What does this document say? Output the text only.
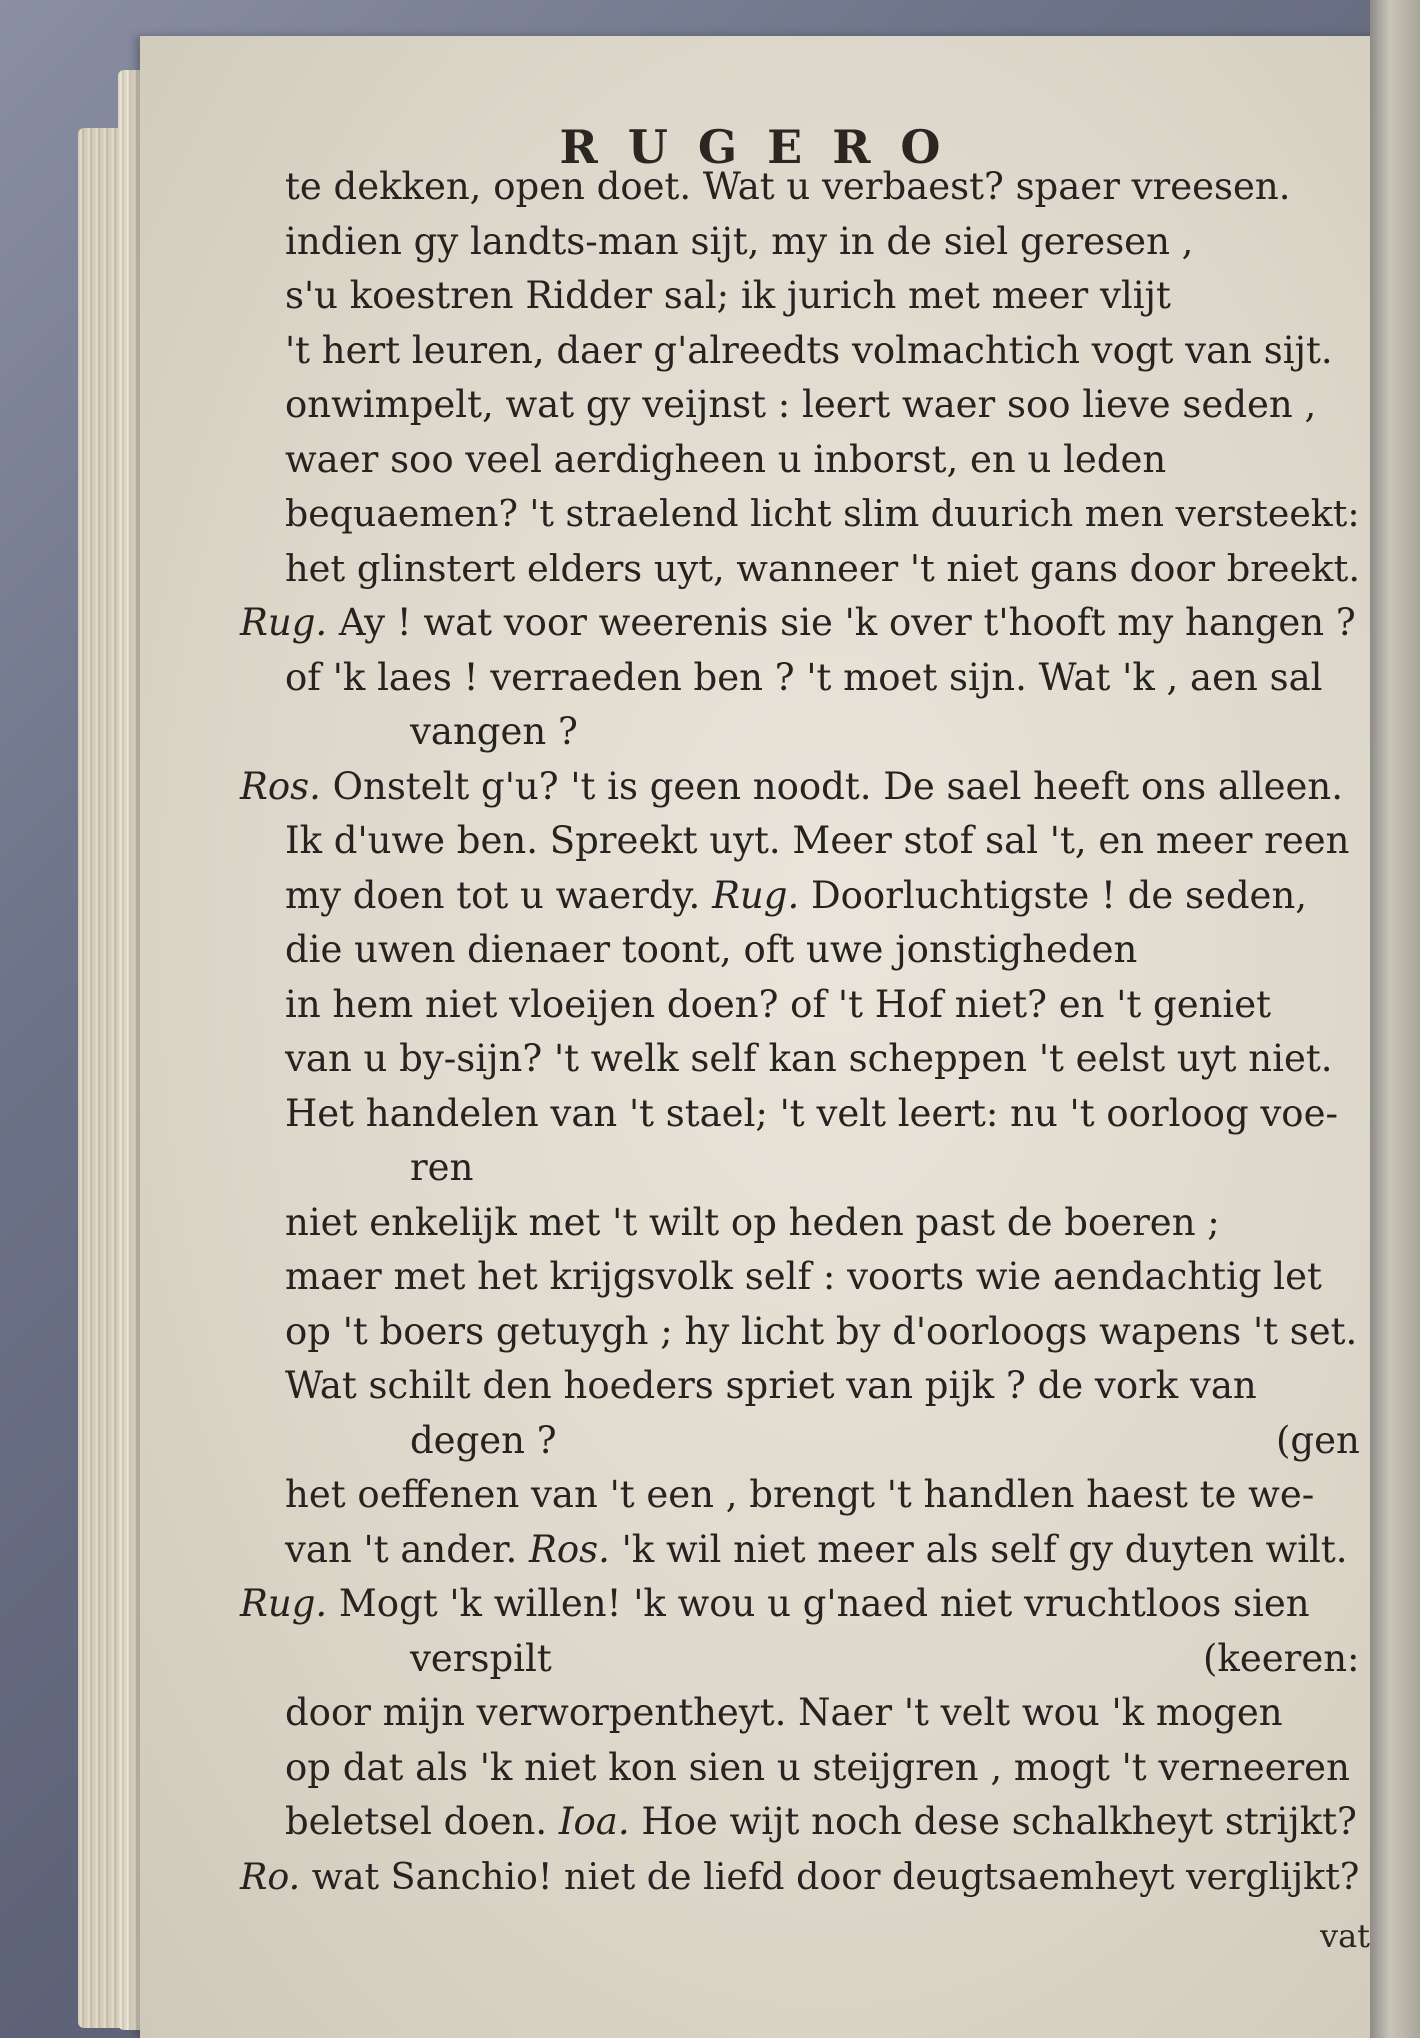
RUGERO
te dekken, open doet. Wat u verbaest? spaer vreesen.
indien gy landts-man sijt, my in de siel geresen ,
s'u koestren Ridder sal; ik jurich met meer vlijt
't hert leuren, daer g'alreedts volmachtich vogt van sijt.
onwimpelt, wat gy veijnst : leert waer soo lieve seden ,
waer soo veel aerdigheen u inborst, en u leden
bequaemen? 't straelend licht slim duurich men versteekt:
het glinstert elders uyt, wanneer 't niet gans door breekt.
Rug. Ay ! wat voor weerenis sie 'k over t'hooft my hangen ?
of 'k laes ! verraeden ben ? 't moet sijn. Wat 'k , aen sal
vangen ?
Ros. Onstelt g'u? 't is geen noodt. De sael heeft ons alleen.
Ik d'uwe ben. Spreekt uyt. Meer stof sal 't, en meer reen
my doen tot u waerdy. Rug. Doorluchtigste ! de seden,
die uwen dienaer toont, oft uwe jonstigheden
in hem niet vloeijen doen? of 't Hof niet? en 't geniet
van u by-sijn? 't welk self kan scheppen 't eelst uyt niet.
Het handelen van 't stael; 't velt leert: nu 't oorloog voe-
ren
niet enkelijk met 't wilt op heden past de boeren ;
maer met het krijgsvolk self : voorts wie aendachtig let
op 't boers getuygh ; hy licht by d'oorloogs wapens 't set.
Wat schilt den hoeders spriet van pijk ? de vork van
degen ?	(gen
het oeffenen van 't een , brengt 't handlen haest te we-
van 't ander. Ros. 'k wil niet meer als self gy duyten wilt.
Rug. Mogt 'k willen! 'k wou u g'naed niet vruchtloos sien
verspilt	(keeren:
door mijn verworpentheyt. Naer 't velt wou 'k mogen
op dat als 'k niet kon sien u steijgren , mogt 't verneeren
beletsel doen. Ioa. Hoe wijt noch dese schalkheyt strijkt?
Ro. wat Sanchio! niet de liefd door deugtsaemheyt verglijkt?
vat
